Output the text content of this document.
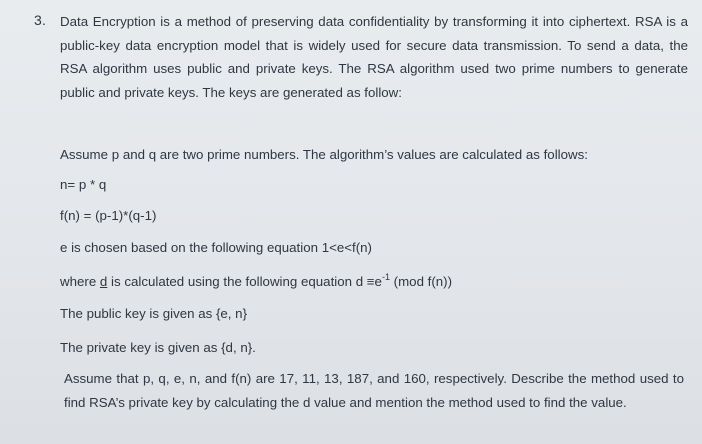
3. Data Encryption is a method of preserving data confidentiality by transforming it into ciphertext. RSA is a public-key data encryption model that is widely used for secure data transmission. To send a data, the RSA algorithm uses public and private keys. The RSA algorithm used two prime numbers to generate public and private keys. The keys are generated as follow:
Assume p and q are two prime numbers. The algorithm’s values are calculated as follows:
n= p * q
f(n) = (p-1)*(q-1)
e is chosen based on the following equation 1<e<f(n)
where d is calculated using the following equation $d \equiv e^{-1}$ (mod f(n))
The public key is given as {e, n}
The private key is given as {d, n}.
Assume that p, q, e, n, and f(n) are 17, 11, 13, 187, and 160, respectively. Describe the method used to find RSA’s private key by calculating the d value and mention the method used to find the value.
